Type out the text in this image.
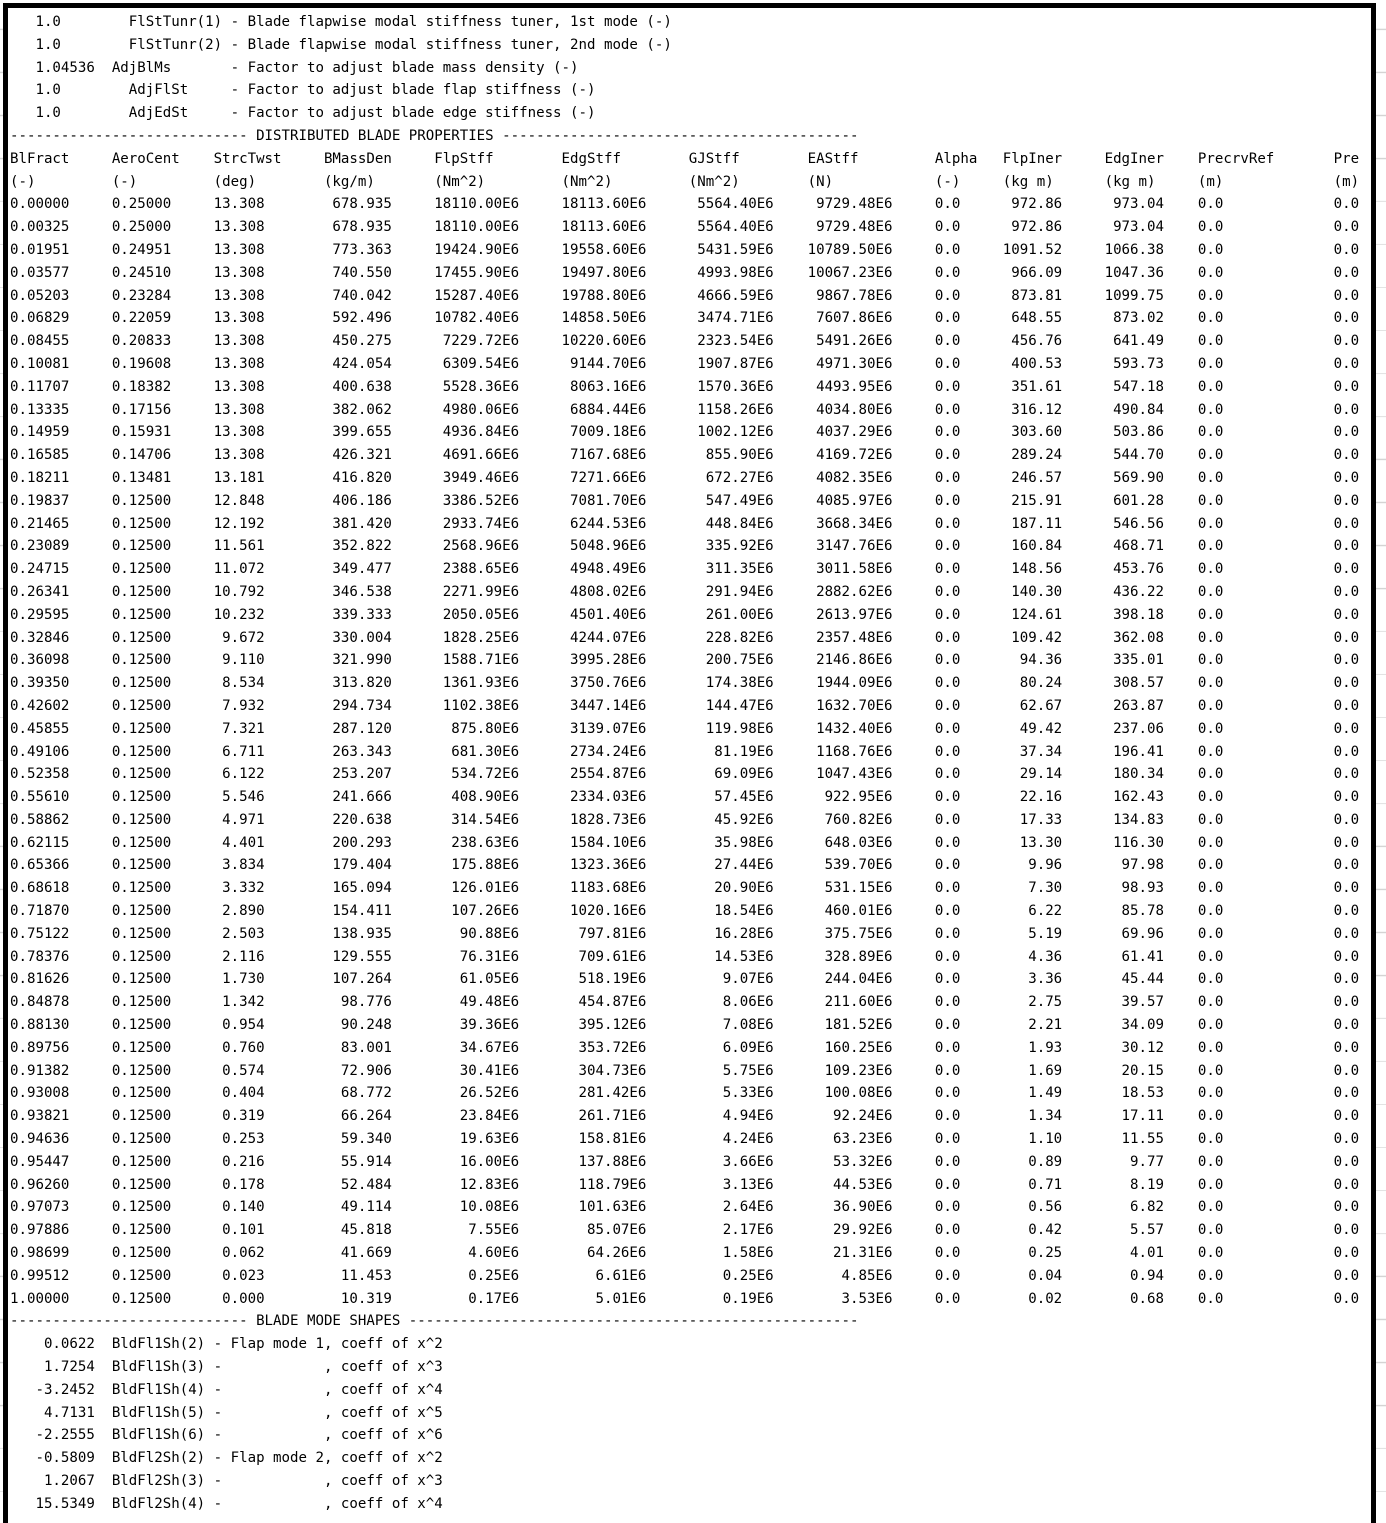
1.0        FlStTunr(1) - Blade flapwise modal stiffness tuner, 1st mode (-)
1.0        FlStTunr(2) - Blade flapwise modal stiffness tuner, 2nd mode (-)
1.04536  AdjBlMs       - Factor to adjust blade mass density (-)
1.0        AdjFlSt     - Factor to adjust blade flap stiffness (-)
1.0        AdjEdSt     - Factor to adjust blade edge stiffness (-)
---------------------------- DISTRIBUTED BLADE PROPERTIES ------------------------------------------
BlFract     AeroCent    StrcTwst     BMassDen     FlpStff        EdgStff        GJStff        EAStff         Alpha   FlpIner     EdgIner    PrecrvRef       Pre
(-)         (-)         (deg)        (kg/m)       (Nm^2)         (Nm^2)         (Nm^2)        (N)            (-)     (kg m)      (kg m)     (m)             (m)
0.00000     0.25000     13.308        678.935     18110.00E6     18113.60E6      5564.40E6     9729.48E6     0.0      972.86      973.04    0.0             0.0
0.00325     0.25000     13.308        678.935     18110.00E6     18113.60E6      5564.40E6     9729.48E6     0.0      972.86      973.04    0.0             0.0
0.01951     0.24951     13.308        773.363     19424.90E6     19558.60E6      5431.59E6    10789.50E6     0.0     1091.52     1066.38    0.0             0.0
0.03577     0.24510     13.308        740.550     17455.90E6     19497.80E6      4993.98E6    10067.23E6     0.0      966.09     1047.36    0.0             0.0
0.05203     0.23284     13.308        740.042     15287.40E6     19788.80E6      4666.59E6     9867.78E6     0.0      873.81     1099.75    0.0             0.0
0.06829     0.22059     13.308        592.496     10782.40E6     14858.50E6      3474.71E6     7607.86E6     0.0      648.55      873.02    0.0             0.0
0.08455     0.20833     13.308        450.275      7229.72E6     10220.60E6      2323.54E6     5491.26E6     0.0      456.76      641.49    0.0             0.0
0.10081     0.19608     13.308        424.054      6309.54E6      9144.70E6      1907.87E6     4971.30E6     0.0      400.53      593.73    0.0             0.0
0.11707     0.18382     13.308        400.638      5528.36E6      8063.16E6      1570.36E6     4493.95E6     0.0      351.61      547.18    0.0             0.0
0.13335     0.17156     13.308        382.062      4980.06E6      6884.44E6      1158.26E6     4034.80E6     0.0      316.12      490.84    0.0             0.0
0.14959     0.15931     13.308        399.655      4936.84E6      7009.18E6      1002.12E6     4037.29E6     0.0      303.60      503.86    0.0             0.0
0.16585     0.14706     13.308        426.321      4691.66E6      7167.68E6       855.90E6     4169.72E6     0.0      289.24      544.70    0.0             0.0
0.18211     0.13481     13.181        416.820      3949.46E6      7271.66E6       672.27E6     4082.35E6     0.0      246.57      569.90    0.0             0.0
0.19837     0.12500     12.848        406.186      3386.52E6      7081.70E6       547.49E6     4085.97E6     0.0      215.91      601.28    0.0             0.0
0.21465     0.12500     12.192        381.420      2933.74E6      6244.53E6       448.84E6     3668.34E6     0.0      187.11      546.56    0.0             0.0
0.23089     0.12500     11.561        352.822      2568.96E6      5048.96E6       335.92E6     3147.76E6     0.0      160.84      468.71    0.0             0.0
0.24715     0.12500     11.072        349.477      2388.65E6      4948.49E6       311.35E6     3011.58E6     0.0      148.56      453.76    0.0             0.0
0.26341     0.12500     10.792        346.538      2271.99E6      4808.02E6       291.94E6     2882.62E6     0.0      140.30      436.22    0.0             0.0
0.29595     0.12500     10.232        339.333      2050.05E6      4501.40E6       261.00E6     2613.97E6     0.0      124.61      398.18    0.0             0.0
0.32846     0.12500      9.672        330.004      1828.25E6      4244.07E6       228.82E6     2357.48E6     0.0      109.42      362.08    0.0             0.0
0.36098     0.12500      9.110        321.990      1588.71E6      3995.28E6       200.75E6     2146.86E6     0.0       94.36      335.01    0.0             0.0
0.39350     0.12500      8.534        313.820      1361.93E6      3750.76E6       174.38E6     1944.09E6     0.0       80.24      308.57    0.0             0.0
0.42602     0.12500      7.932        294.734      1102.38E6      3447.14E6       144.47E6     1632.70E6     0.0       62.67      263.87    0.0             0.0
0.45855     0.12500      7.321        287.120       875.80E6      3139.07E6       119.98E6     1432.40E6     0.0       49.42      237.06    0.0             0.0
0.49106     0.12500      6.711        263.343       681.30E6      2734.24E6        81.19E6     1168.76E6     0.0       37.34      196.41    0.0             0.0
0.52358     0.12500      6.122        253.207       534.72E6      2554.87E6        69.09E6     1047.43E6     0.0       29.14      180.34    0.0             0.0
0.55610     0.12500      5.546        241.666       408.90E6      2334.03E6        57.45E6      922.95E6     0.0       22.16      162.43    0.0             0.0
0.58862     0.12500      4.971        220.638       314.54E6      1828.73E6        45.92E6      760.82E6     0.0       17.33      134.83    0.0             0.0
0.62115     0.12500      4.401        200.293       238.63E6      1584.10E6        35.98E6      648.03E6     0.0       13.30      116.30    0.0             0.0
0.65366     0.12500      3.834        179.404       175.88E6      1323.36E6        27.44E6      539.70E6     0.0        9.96       97.98    0.0             0.0
0.68618     0.12500      3.332        165.094       126.01E6      1183.68E6        20.90E6      531.15E6     0.0        7.30       98.93    0.0             0.0
0.71870     0.12500      2.890        154.411       107.26E6      1020.16E6        18.54E6      460.01E6     0.0        6.22       85.78    0.0             0.0
0.75122     0.12500      2.503        138.935        90.88E6       797.81E6        16.28E6      375.75E6     0.0        5.19       69.96    0.0             0.0
0.78376     0.12500      2.116        129.555        76.31E6       709.61E6        14.53E6      328.89E6     0.0        4.36       61.41    0.0             0.0
0.81626     0.12500      1.730        107.264        61.05E6       518.19E6         9.07E6      244.04E6     0.0        3.36       45.44    0.0             0.0
0.84878     0.12500      1.342         98.776        49.48E6       454.87E6         8.06E6      211.60E6     0.0        2.75       39.57    0.0             0.0
0.88130     0.12500      0.954         90.248        39.36E6       395.12E6         7.08E6      181.52E6     0.0        2.21       34.09    0.0             0.0
0.89756     0.12500      0.760         83.001        34.67E6       353.72E6         6.09E6      160.25E6     0.0        1.93       30.12    0.0             0.0
0.91382     0.12500      0.574         72.906        30.41E6       304.73E6         5.75E6      109.23E6     0.0        1.69       20.15    0.0             0.0
0.93008     0.12500      0.404         68.772        26.52E6       281.42E6         5.33E6      100.08E6     0.0        1.49       18.53    0.0             0.0
0.93821     0.12500      0.319         66.264        23.84E6       261.71E6         4.94E6       92.24E6     0.0        1.34       17.11    0.0             0.0
0.94636     0.12500      0.253         59.340        19.63E6       158.81E6         4.24E6       63.23E6     0.0        1.10       11.55    0.0             0.0
0.95447     0.12500      0.216         55.914        16.00E6       137.88E6         3.66E6       53.32E6     0.0        0.89        9.77    0.0             0.0
0.96260     0.12500      0.178         52.484        12.83E6       118.79E6         3.13E6       44.53E6     0.0        0.71        8.19    0.0             0.0
0.97073     0.12500      0.140         49.114        10.08E6       101.63E6         2.64E6       36.90E6     0.0        0.56        6.82    0.0             0.0
0.97886     0.12500      0.101         45.818         7.55E6        85.07E6         2.17E6       29.92E6     0.0        0.42        5.57    0.0             0.0
0.98699     0.12500      0.062         41.669         4.60E6        64.26E6         1.58E6       21.31E6     0.0        0.25        4.01    0.0             0.0
0.99512     0.12500      0.023         11.453         0.25E6         6.61E6         0.25E6        4.85E6     0.0        0.04        0.94    0.0             0.0
1.00000     0.12500      0.000         10.319         0.17E6         5.01E6         0.19E6        3.53E6     0.0        0.02        0.68    0.0             0.0
---------------------------- BLADE MODE SHAPES -----------------------------------------------------
0.0622  BldFl1Sh(2) - Flap mode 1, coeff of x^2
1.7254  BldFl1Sh(3) -            , coeff of x^3
-3.2452  BldFl1Sh(4) -            , coeff of x^4
4.7131  BldFl1Sh(5) -            , coeff of x^5
-2.2555  BldFl1Sh(6) -            , coeff of x^6
-0.5809  BldFl2Sh(2) - Flap mode 2, coeff of x^2
1.2067  BldFl2Sh(3) -            , coeff of x^3
15.5349  BldFl2Sh(4) -            , coeff of x^4
